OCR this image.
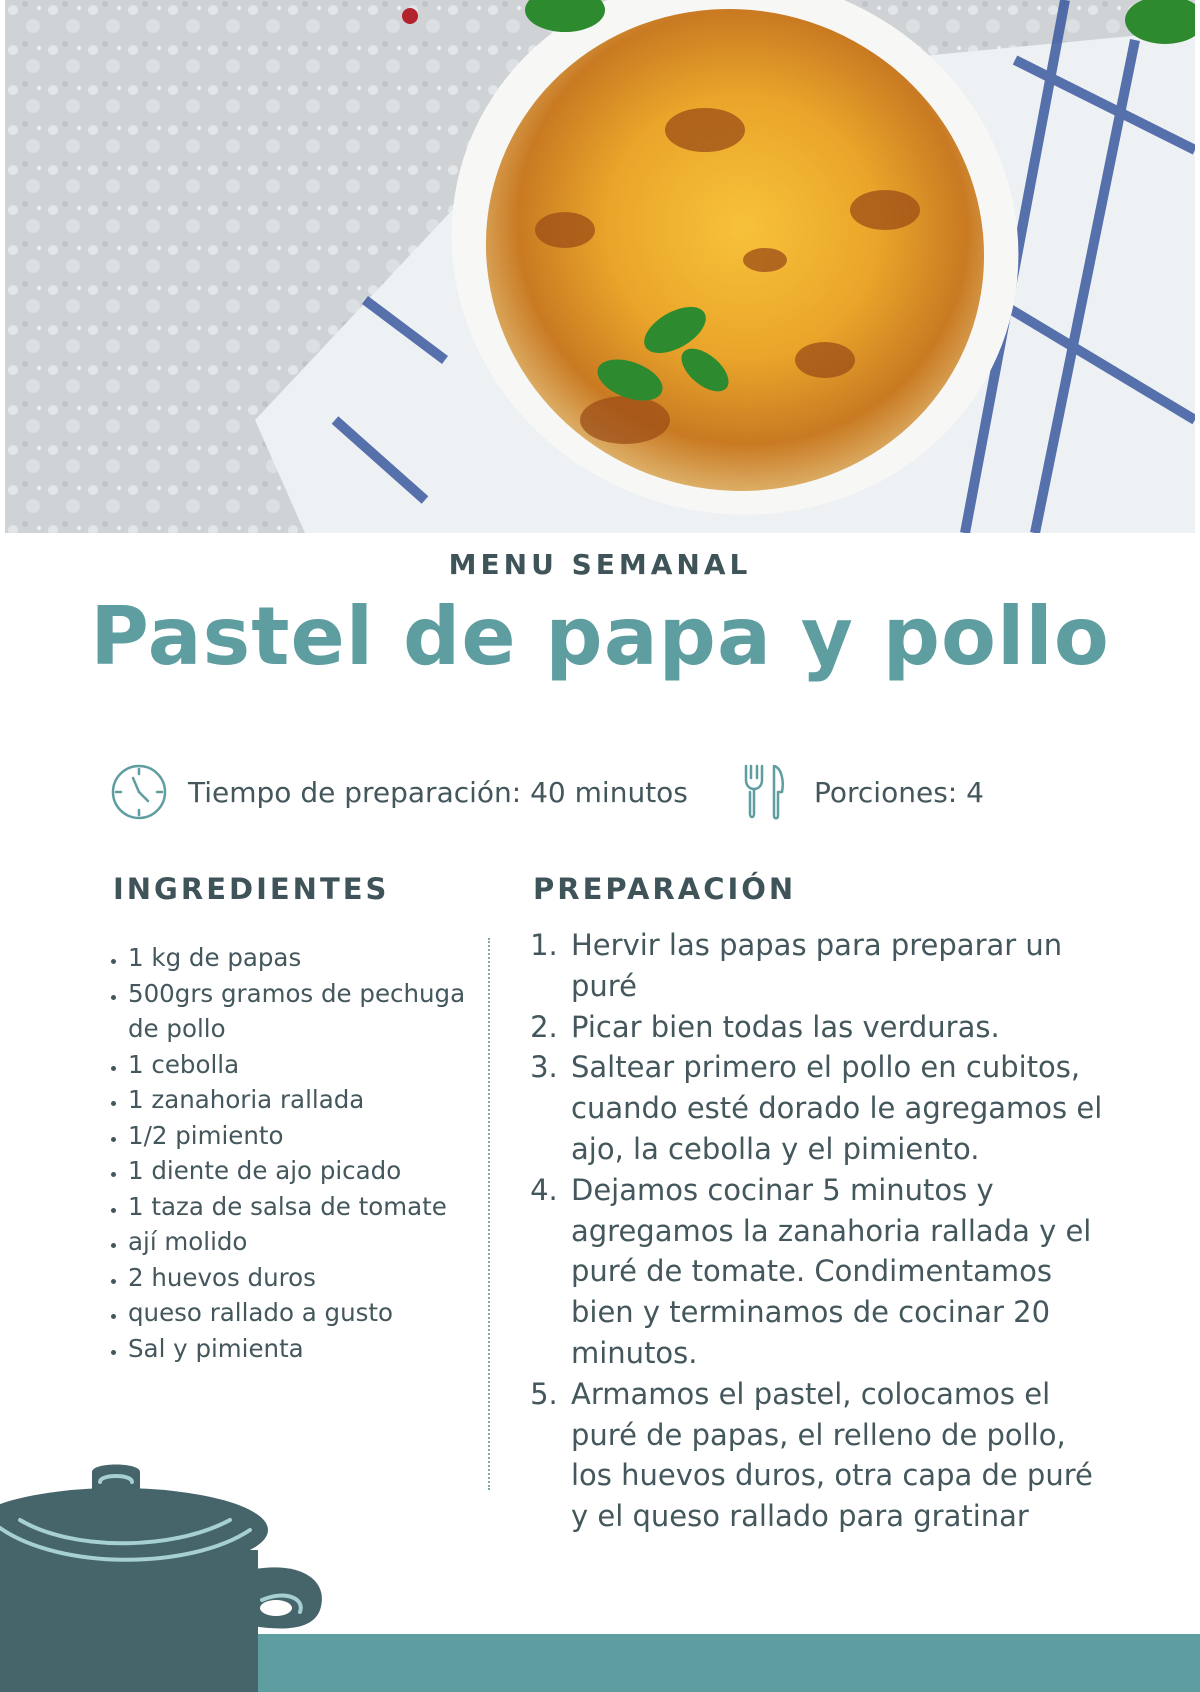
MENU SEMANAL
Pastel de papa y pollo
Tiempo de preparación: 40 minutos	Porciones: 4
INGREDIENTES
• 1 kg de papas
• 500grs gramos de pechuga de pollo
• 1 cebolla
• 1 zanahoria rallada
• 1/2 pimiento
• 1 diente de ajo picado
• 1 taza de salsa de tomate
• ají molido
• 2 huevos duros
• queso rallado a gusto
• Sal y pimienta
PREPARACIÓN
1. Hervir las papas para preparar un puré
2. Picar bien todas las verduras.
3. Saltear primero el pollo en cubitos, cuando esté dorado le agregamos el ajo, la cebolla y el pimiento.
4. Dejamos cocinar 5 minutos y agregamos la zanahoria rallada y el puré de tomate. Condimentamos bien y terminamos de cocinar 20 minutos.
5. Armamos el pastel, colocamos el puré de papas, el relleno de pollo, los huevos duros, otra capa de puré y el queso rallado para gratinar
